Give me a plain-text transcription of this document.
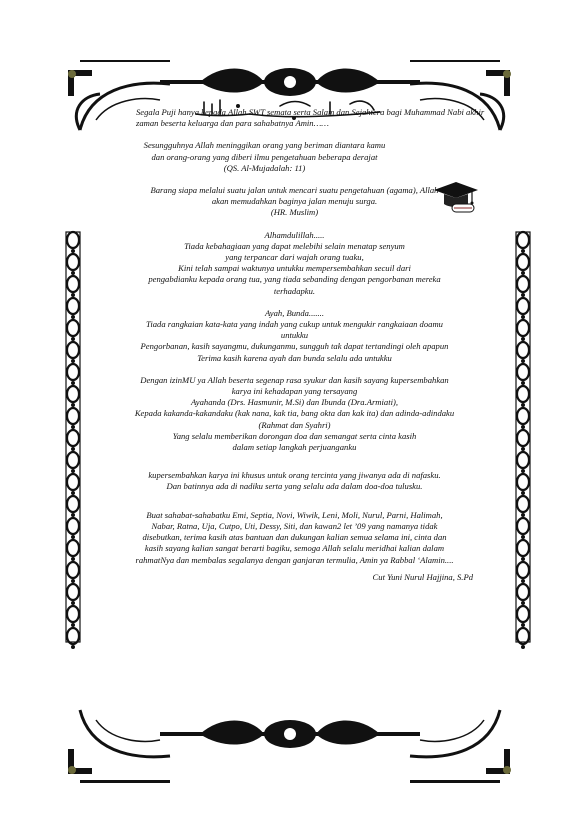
Segala Puji hanya kepada Allah SWT semata serta Salam dan Sejahtera bagi Muhammad Nabi akhir zaman beserta keluarga dan para sahabatnya Amin……

Sesungguhnya Allah meninggikan orang yang beriman diantara kamu

dan orang-orang yang diberi ilmu pengetahuan beberapa derajat

(QS. Al-Mujadalah: 11)

Barang siapa melalui suatu jalan untuk mencari suatu pengetahuan (agama), Allah

akan memudahkan baginya jalan menuju surga.

(HR. Muslim)

Alhamdulillah.....

Tiada kebahagiaan yang dapat melebihi selain menatap senyum

yang terpancar dari wajah orang tuaku,

Kini telah sampai waktunya untukku mempersembahkan secuil dari

pengabdianku kepada orang tua, yang tiada sebanding dengan pengorbanan mereka

terhadapku.

Ayah, Bunda.......

Tiada rangkaian kata-kata yang indah yang cukup untuk mengukir rangkaiaan doamu

untukku

Pengorbanan, kasih sayangmu, dukunganmu, sungguh tak dapat tertandingi oleh apapun

Terima kasih karena ayah dan bunda selalu ada untukku

Dengan izinMU ya Allah beserta segenap rasa syukur dan kasih sayang kupersembahkan

karya ini kehadapan yang tersayang

Ayahanda (Drs. Hasmunir, M.Si) dan Ibunda (Dra.Armiati),

Kepada kakanda-kakandaku (kak nana, kak tia, bang okta dan kak ita) dan adinda-adindaku

(Rahmat dan Syahri)

Yang selalu memberikan dorongan doa dan semangat serta cinta kasih

dalam setiap langkah perjuanganku

kupersembahkan karya ini khusus untuk orang tercinta yang jiwanya ada di nafasku.

Dan batinnya ada di nadiku serta yang selalu ada dalam doa-doa tulusku.

Buat sahabat-sahabatku Emi, Septia, Novi, Wiwik, Leni, Moli, Nurul, Parni, Halimah,

Nabar, Ratna, Uja, Cutpo, Uti, Dessy, Siti, dan kawan2 let ’09 yang namanya tidak

disebutkan, terima kasih atas bantuan dan dukungan kalian semua selama ini, cinta dan

kasih sayang kalian sangat berarti bagiku, semoga Allah selalu meridhai kalian dalam

rahmatNya dan membalas segalanya dengan ganjaran termulia, Amin ya Rabbal ‘Alamin....

Cut Yuni Nurul Hajjina, S.Pd
